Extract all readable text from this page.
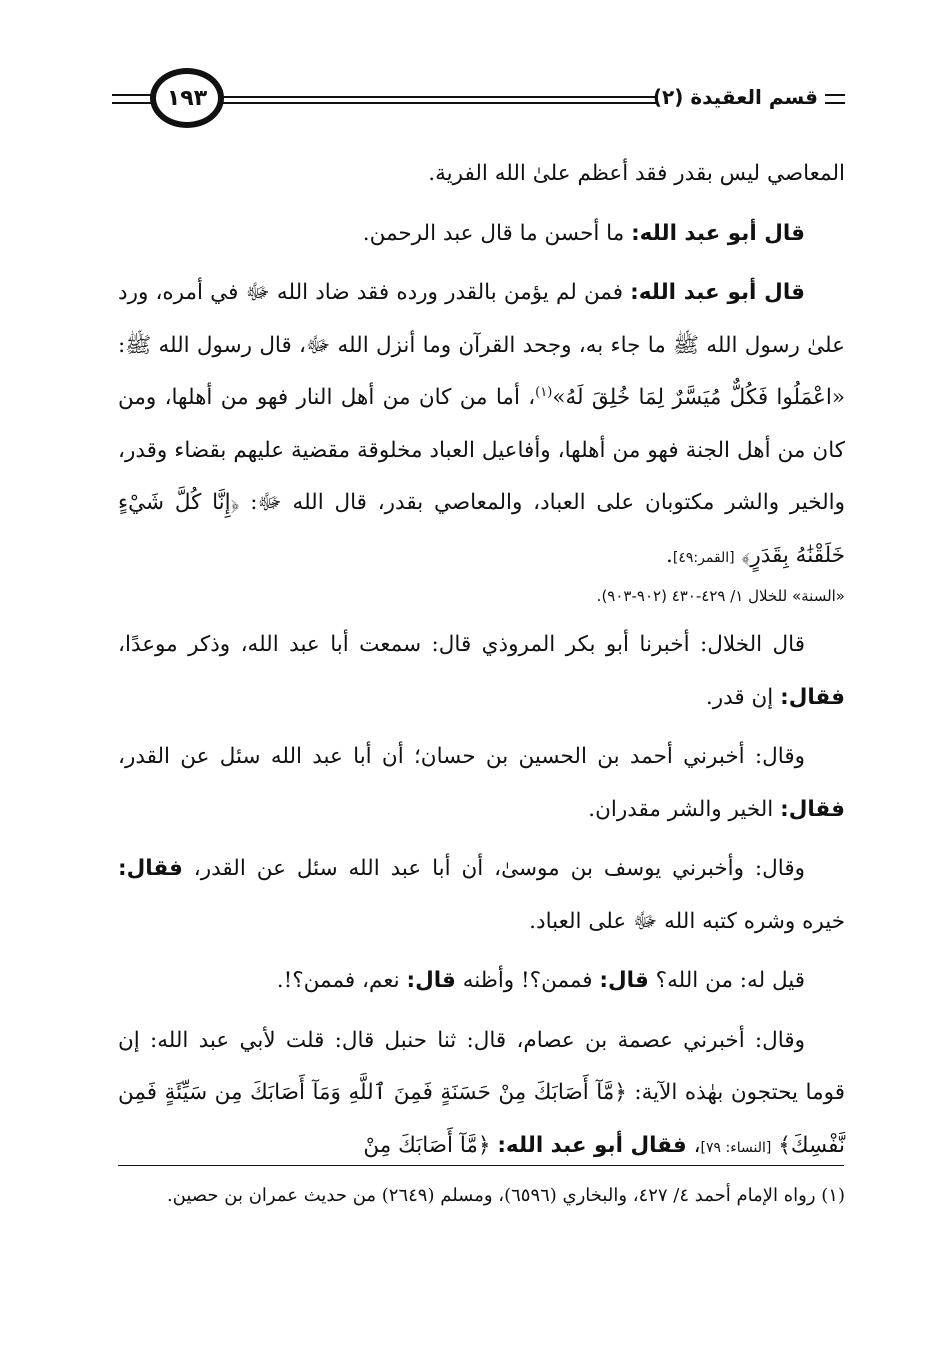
١٩٣	قسم العقيدة (٢)

المعاصي ليس بقدر فقد أعظم علىٰ الله الفرية.

قال أبو عبد الله: ما أحسن ما قال عبد الرحمن.

قال أبو عبد الله: فمن لم يؤمن بالقدر ورده فقد ضاد الله ﷻ في أمره، ورد علىٰ رسول الله ﷺ ما جاء به، وجحد القرآن وما أنزل الله ﷻ، قال رسول الله ﷺ: «اعْمَلُوا فَكُلٌّ مُيَسَّرٌ لِمَا خُلِقَ لَهُ»$^{(١)}$، أما من كان من أهل النار فهو من أهلها، ومن كان من أهل الجنة فهو من أهلها، وأفاعيل العباد مخلوقة مقضية عليهم بقضاء وقدر، والخير والشر مكتوبان على العباد، والمعاصي بقدر، قال الله ﷻ: ﴿إِنَّا كُلَّ شَيْءٍ خَلَقْنَٰهُ بِقَدَرٍ﴾ [القمر:٤٩].

«السنة» للخلال ١/ ٤٢٩-٤٣٠ (٩٠٢-٩٠٣).

قال الخلال: أخبرنا أبو بكر المروذي قال: سمعت أبا عبد الله، وذكر موعدًا، فقال: إن قدر.

وقال: أخبرني أحمد بن الحسين بن حسان؛ أن أبا عبد الله سئل عن القدر، فقال: الخير والشر مقدران.

وقال: وأخبرني يوسف بن موسىٰ، أن أبا عبد الله سئل عن القدر، فقال: خيره وشره كتبه الله ﷻ على العباد.

قيل له: من الله؟ قال: فممن؟! وأظنه قال: نعم، فممن؟!.

وقال: أخبرني عصمة بن عصام، قال: ثنا حنبل قال: قلت لأبي عبد الله: إن قوما يحتجون بهٰذه الآية: ﴿مَّآ أَصَابَكَ مِنْ حَسَنَةٍ فَمِنَ ٱللَّهِ وَمَآ أَصَابَكَ مِن سَيِّئَةٍ فَمِن نَّفْسِكَ﴾ [النساء: ٧٩]، فقال أبو عبد الله: ﴿مَّآ أَصَابَكَ مِنْ

(١) رواه الإمام أحمد ٤/ ٤٢٧، والبخاري (٦٥٩٦)، ومسلم (٢٦٤٩) من حديث عمران بن حصين.
